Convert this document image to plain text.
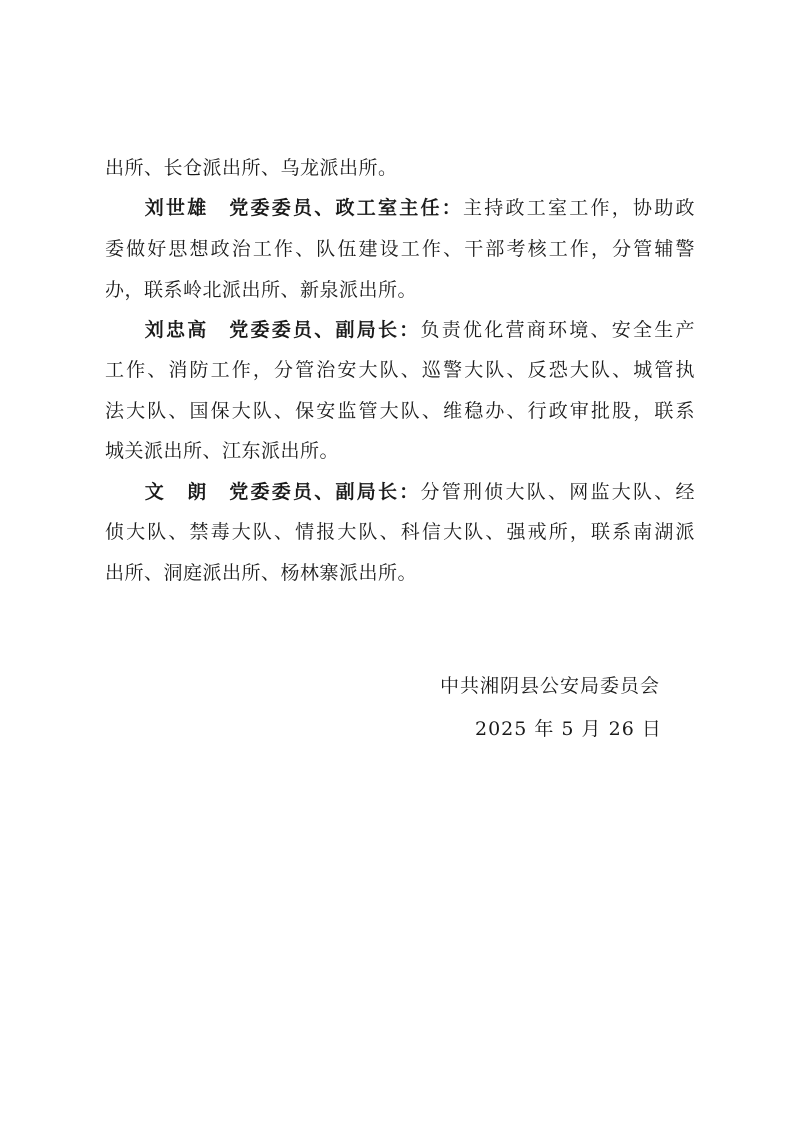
出所、长仓派出所、乌龙派出所。
刘世雄 党委委员、政工室主任：主持政工室工作，协助政
委做好思想政治工作、队伍建设工作、干部考核工作，分管辅警
办，联系岭北派出所、新泉派出所。
刘忠高 党委委员、副局长：负责优化营商环境、安全生产
工作、消防工作，分管治安大队、巡警大队、反恐大队、城管执
法大队、国保大队、保安监管大队、维稳办、行政审批股，联系
城关派出所、江东派出所。
文　朗 党委委员、副局长：分管刑侦大队、网监大队、经
侦大队、禁毒大队、情报大队、科信大队、强戒所，联系南湖派
出所、洞庭派出所、杨林寨派出所。
中共湘阴县公安局委员会
2025 年 5 月 26 日
